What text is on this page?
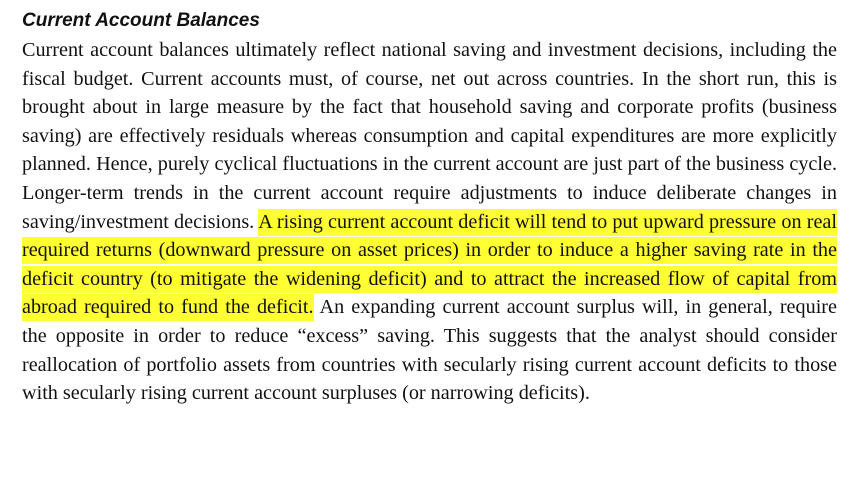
Current Account Balances

Current account balances ultimately reflect national saving and investment decisions, including the fiscal budget. Current accounts must, of course, net out across countries. In the short run, this is brought about in large measure by the fact that household saving and corporate profits (business saving) are effectively residuals whereas consumption and capital expenditures are more explicitly planned. Hence, purely cyclical fluctuations in the current account are just part of the business cycle. Longer-term trends in the current account require adjustments to induce deliberate changes in saving/investment decisions. A rising current account deficit will tend to put upward pressure on real required returns (downward pressure on asset prices) in order to induce a higher saving rate in the deficit country (to mitigate the widening deficit) and to attract the increased flow of capital from abroad required to fund the deficit. An expanding current account surplus will, in general, require the opposite in order to reduce “excess” saving. This suggests that the analyst should consider reallocation of portfolio assets from countries with secularly rising current account deficits to those with secularly rising current account surpluses (or narrowing deficits).
